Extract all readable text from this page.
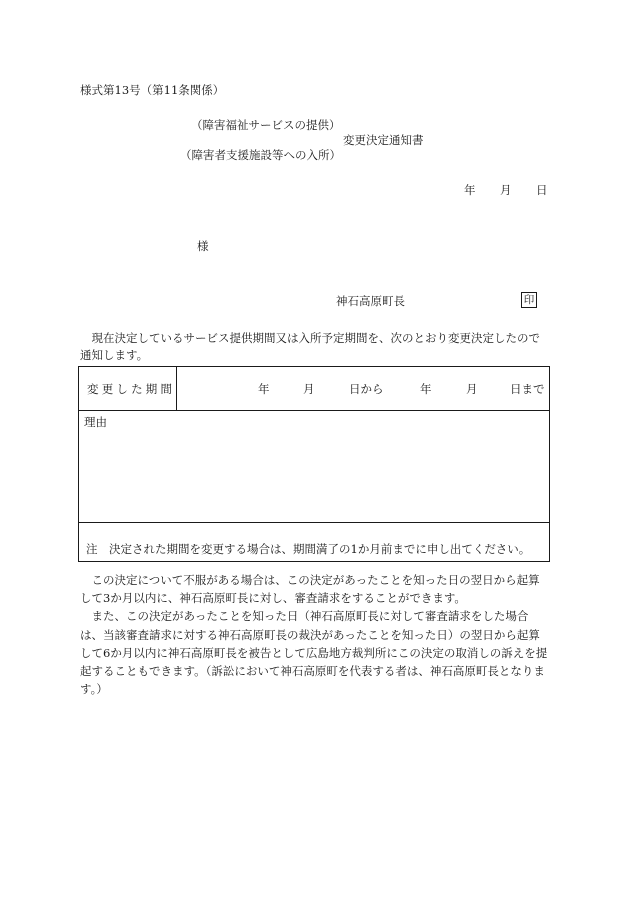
様式第13号（第11条関係）
（障害福祉サービスの提供）
（障害者支援施設等への入所）
変更決定通知書
年 月 日
様
神石高原町長	印
現在決定しているサービス提供期間又は入所予定期間を、次のとおり変更決定したので通知します。
変更した期間	年	月	日から	年	月	日まで
理由
注　決定された期間を変更する場合は、期間満了の1か月前までに申し出てください。

この決定について不服がある場合は、この決定があったことを知った日の翌日から起算して3か月以内に、神石高原町長に対し、審査請求をすることができます。

また、この決定があったことを知った日（神石高原町長に対して審査請求をした場合は、当該審査請求に対する神石高原町長の裁決があったことを知った日）の翌日から起算して6か月以内に神石高原町長を被告として広島地方裁判所にこの決定の取消しの訴えを提起することもできます。（訴訟において神石高原町を代表する者は、神石高原町長となります。）
